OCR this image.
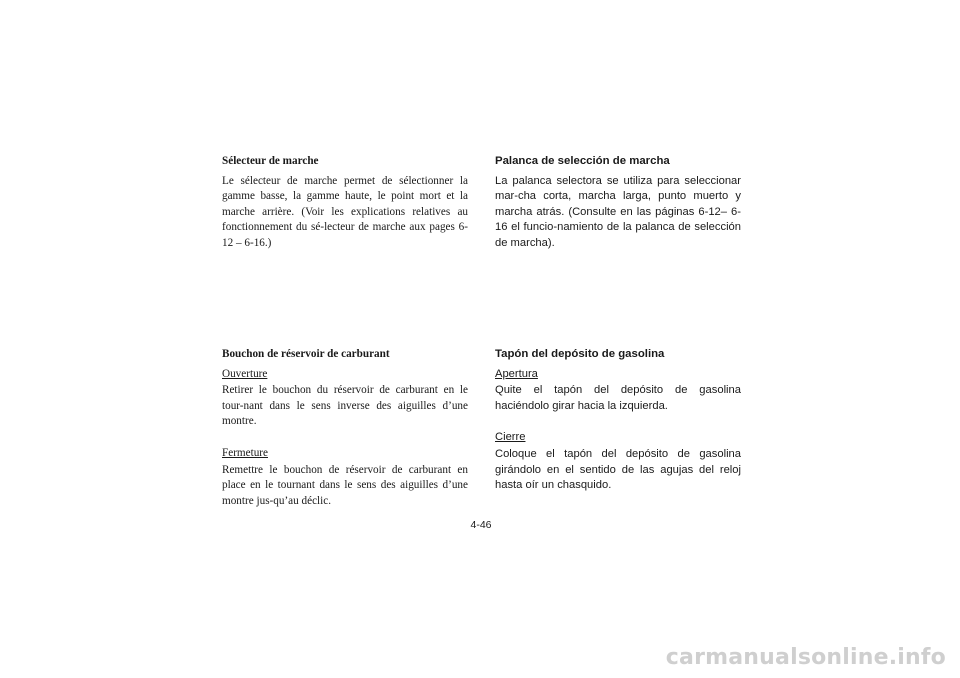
Sélecteur de marche

Le sélecteur de marche permet de sélectionner la gamme basse, la gamme haute, le point mort et la marche arrière. (Voir les explications relatives au fonctionnement du sé-lecteur de marche aux pages 6-12 – 6-16.)

Palanca de selección de marcha

La palanca selectora se utiliza para seleccionar mar-cha corta, marcha larga, punto muerto y marcha atrás. (Consulte en las páginas 6-12– 6-16 el funcio-namiento de la palanca de selección de marcha).

Bouchon de réservoir de carburant

Ouverture

Retirer le bouchon du réservoir de carburant en le tour-nant dans le sens inverse des aiguilles d’une montre.

Fermeture

Remettre le bouchon de réservoir de carburant en place en le tournant dans le sens des aiguilles d’une montre jus-qu’au déclic.

Tapón del depósito de gasolina

Apertura

Quite el tapón del depósito de gasolina haciéndolo girar hacia la izquierda.

Cierre

Coloque el tapón del depósito de gasolina girándolo en el sentido de las agujas del reloj hasta oír un chasquido.

4-46
carmanualsonline.info
